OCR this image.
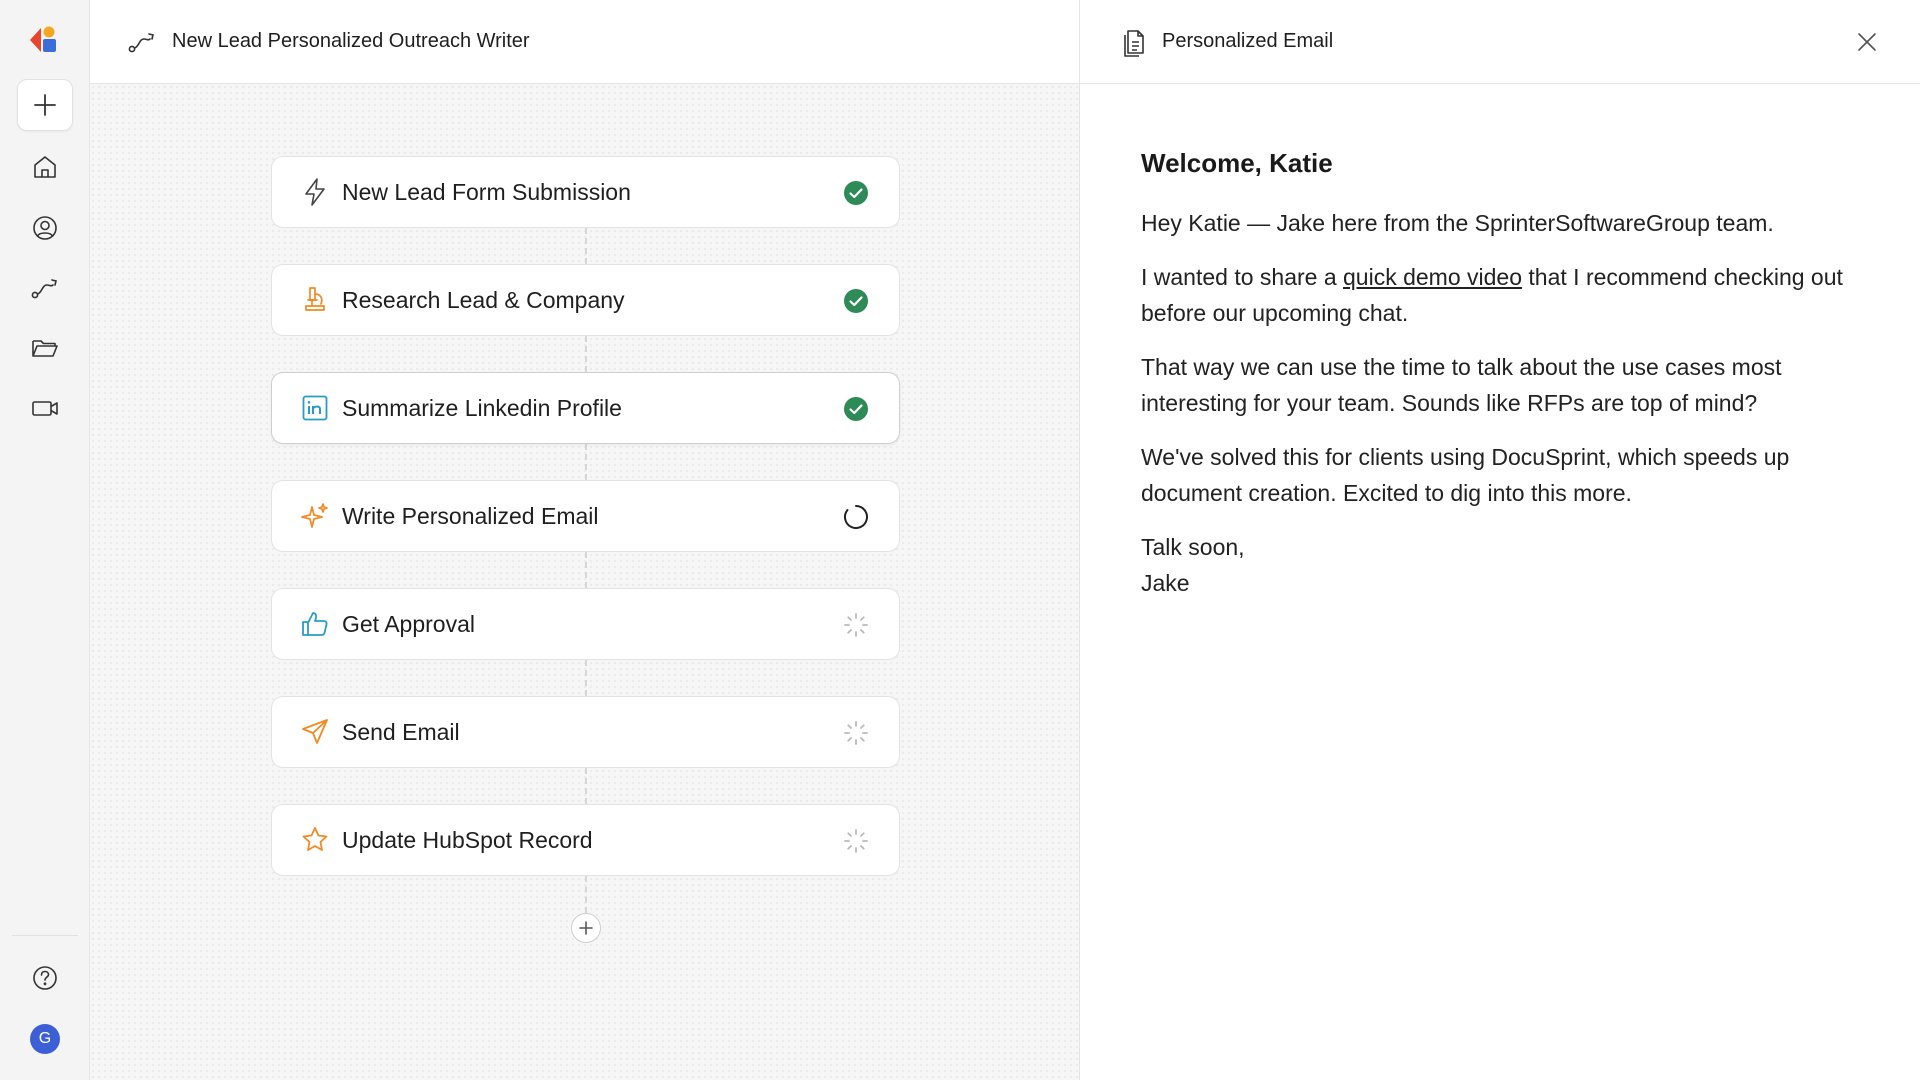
G
New Lead Personalized Outreach Writer
New Lead Form Submission
Research Lead & Company
Summarize Linkedin Profile
Write Personalized Email
Get Approval
Send Email
Update HubSpot Record
Personalized Email
Welcome, Katie

Hey Katie — Jake here from the SprinterSoftwareGroup team.

I wanted to share a quick demo video that I recommend checking out before our upcoming chat.

That way we can use the time to talk about the use cases most interesting for your team. Sounds like RFPs are top of mind?

We've solved this for clients using DocuSprint, which speeds up document creation. Excited to dig into this more.

Talk soon,
Jake
